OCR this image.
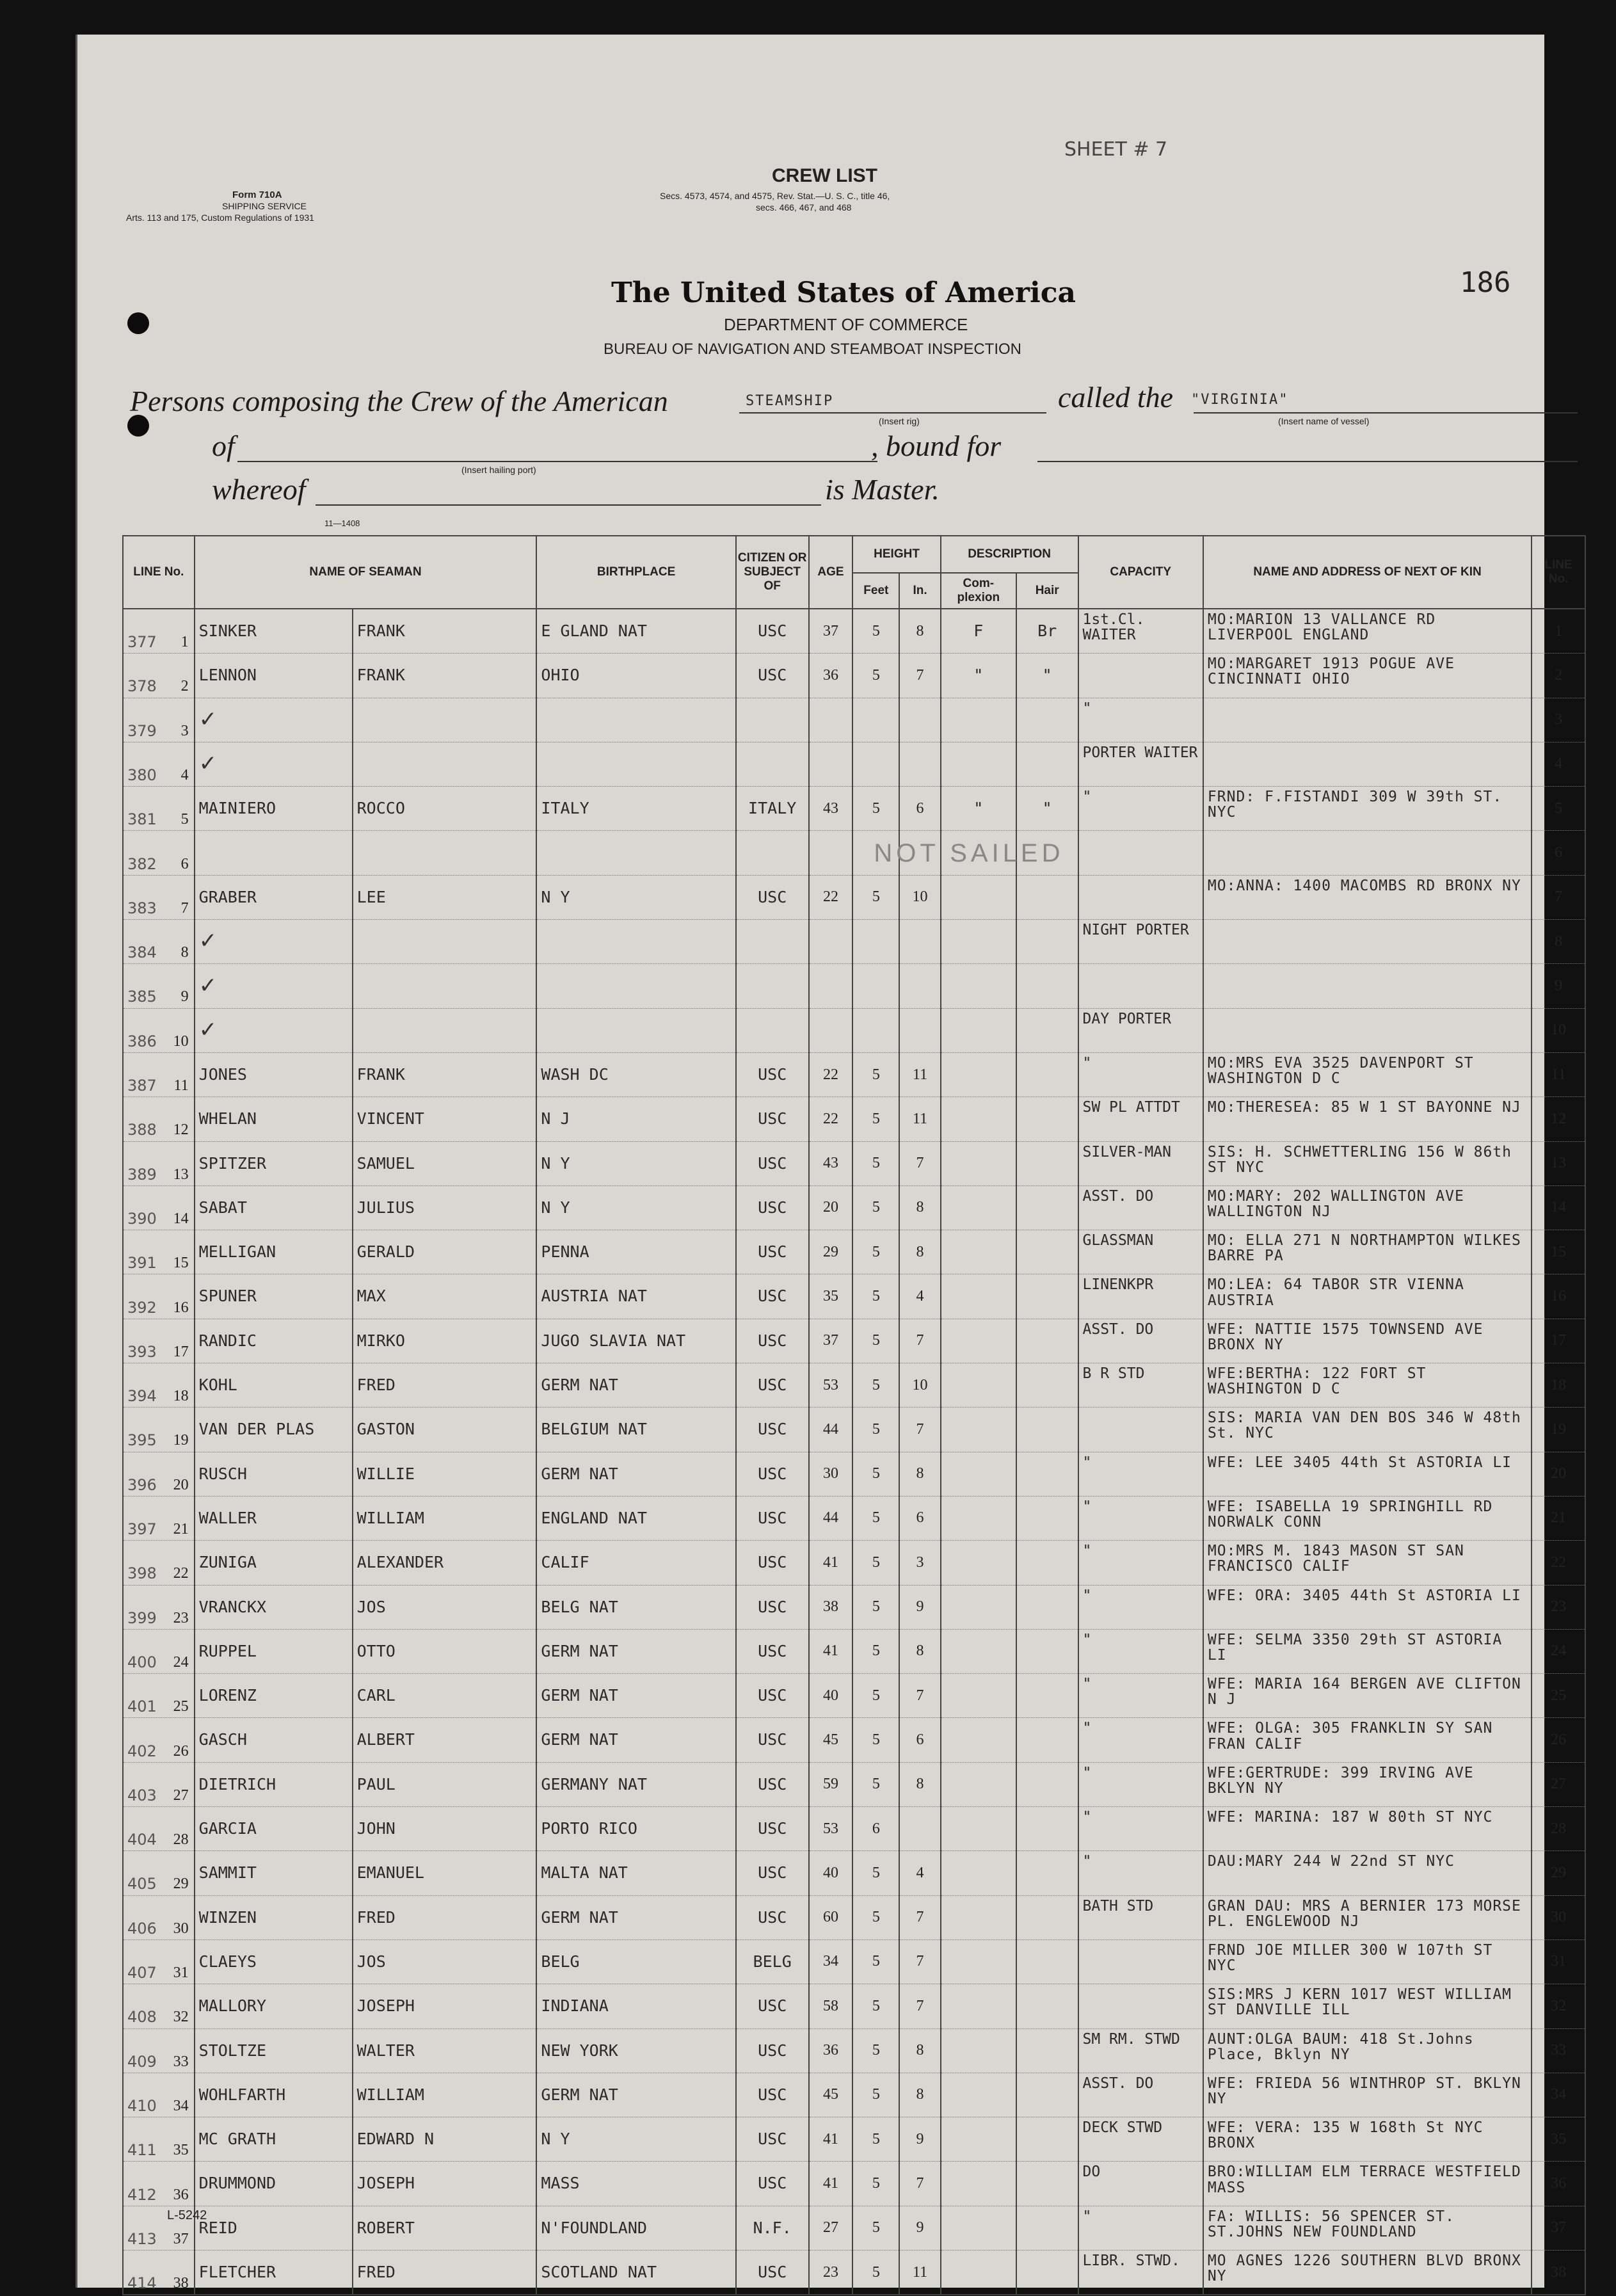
Form 710A
SHIPPING SERVICE
Arts. 113 and 175, Custom Regulations of 1931
CREW LIST
Secs. 4573, 4574, and 4575, Rev. Stat.—U. S. C., title 46,
secs. 466, 467, and 468
SHEET # 7
186
The United States of America
DEPARTMENT OF COMMERCE
BUREAU OF NAVIGATION AND STEAMBOAT INSPECTION
Persons composing the Crew of the American	STEAMSHIP
(Insert rig)
called the "VIRGINIA"
(Insert name of vessel)
of
(Insert hailing port)
, bound for
whereof	is Master.
11—1408
LINE No.	NAME OF SEAMAN		BIRTHPLACE	CITIZEN OR SUBJECT OF	AGE	HEIGHT		DESCRIPTION		CAPACITY	NAME AND ADDRESS OF NEXT OF KIN	LINE No.
						Feet	In.	Com-plexion	Hair			

377 1	SINKER	FRANK	E GLAND NAT	USC	37	5	8	F	Br	1st.Cl. WAITER	MO:MARION 13 VALLANCE RD LIVERPOOL ENGLAND	1

378 2	LENNON	FRANK	OHIO	USC	36	5	7	"	"		MO:MARGARET 1913 POGUE AVE CINCINNATI OHIO	2

379 3	✓									"		3

380 4	✓									PORTER WAITER		4

381 5	MAINIERO	ROCCO	ITALY	ITALY	43	5	6	"	"	"	FRND: F.FISTANDI 309 W 39th ST. NYC	5

382 6			NOT SAILED									6

383 7	GRABER	LEE	N Y	USC	22	5	10				MO:ANNA: 1400 MACOMBS RD BRONX NY	7

384 8	✓									NIGHT PORTER		8

385 9	✓											9

386 10	✓									DAY PORTER		10

387 11	JONES	FRANK	WASH DC	USC	22	5	11			"	MO:MRS EVA 3525 DAVENPORT ST WASHINGTON D C	11

388 12	WHELAN	VINCENT	N J	USC	22	5	11			SW PL ATTDT	MO:THERESEA: 85 W 1 ST BAYONNE NJ	12

389 13	SPITZER	SAMUEL	N Y	USC	43	5	7			SILVER-MAN	SIS: H. SCHWETTERLING 156 W 86th ST NYC	13

390 14	SABAT	JULIUS	N Y	USC	20	5	8			ASST. DO	MO:MARY: 202 WALLINGTON AVE WALLINGTON NJ	14

391 15	MELLIGAN	GERALD	PENNA	USC	29	5	8			GLASSMAN	MO: ELLA 271 N NORTHAMPTON WILKES BARRE PA	15

392 16	SPUNER	MAX	AUSTRIA NAT	USC	35	5	4			LINENKPR	MO:LEA: 64 TABOR STR VIENNA AUSTRIA	16

393 17	RANDIC	MIRKO	JUGO SLAVIA NAT	USC	37	5	7			ASST. DO	WFE: NATTIE 1575 TOWNSEND AVE BRONX NY	17

394 18	KOHL	FRED	GERM NAT	USC	53	5	10			B R STD	WFE:BERTHA: 122 FORT ST WASHINGTON D C	18

395 19	VAN DER PLAS	GASTON	BELGIUM NAT	USC	44	5	7				SIS: MARIA VAN DEN BOS 346 W 48th St. NYC	19

396 20	RUSCH	WILLIE	GERM NAT	USC	30	5	8			"	WFE: LEE 3405 44th St ASTORIA LI	20

397 21	WALLER	WILLIAM	ENGLAND NAT	USC	44	5	6			"	WFE: ISABELLA 19 SPRINGHILL RD NORWALK CONN	21

398 22	ZUNIGA	ALEXANDER	CALIF	USC	41	5	3			"	MO:MRS M. 1843 MASON ST SAN FRANCISCO CALIF	22

399 23	VRANCKX	JOS	BELG NAT	USC	38	5	9			"	WFE: ORA: 3405 44th St ASTORIA LI	23

400 24	RUPPEL	OTTO	GERM NAT	USC	41	5	8			"	WFE: SELMA 3350 29th ST ASTORIA LI	24

401 25	LORENZ	CARL	GERM NAT	USC	40	5	7			"	WFE: MARIA 164 BERGEN AVE CLIFTON N J	25

402 26	GASCH	ALBERT	GERM NAT	USC	45	5	6			"	WFE: OLGA: 305 FRANKLIN SY SAN FRAN CALIF	26

403 27	DIETRICH	PAUL	GERMANY NAT	USC	59	5	8			"	WFE:GERTRUDE: 399 IRVING AVE BKLYN NY	27

404 28	GARCIA	JOHN	PORTO RICO	USC	53	6				"	WFE: MARINA: 187 W 80th ST NYC	28

405 29	SAMMIT	EMANUEL	MALTA NAT	USC	40	5	4			"	DAU:MARY 244 W 22nd ST NYC	29

406 30	WINZEN	FRED	GERM NAT	USC	60	5	7			BATH STD	GRAN DAU: MRS A BERNIER 173 MORSE PL. ENGLEWOOD NJ	30

407 31	CLAEYS	JOS	BELG	BELG	34	5	7				FRND JOE MILLER 300 W 107th ST NYC	31

408 32	MALLORY	JOSEPH	INDIANA	USC	58	5	7				SIS:MRS J KERN 1017 WEST WILLIAM ST DANVILLE ILL	32

409 33	STOLTZE	WALTER	NEW YORK	USC	36	5	8			SM RM. STWD	AUNT:OLGA BAUM: 418 St.Johns Place, Bklyn NY	33

410 34	WOHLFARTH	WILLIAM	GERM NAT	USC	45	5	8			ASST. DO	WFE: FRIEDA 56 WINTHROP ST. BKLYN NY	34

411 35	MC GRATH	EDWARD N	N Y	USC	41	5	9			DECK STWD	WFE: VERA: 135 W 168th St NYC BRONX	35

412 36	DRUMMOND	JOSEPH	MASS	USC	41	5	7			DO	BRO:WILLIAM ELM TERRACE WESTFIELD MASS	36

413 37	REID	ROBERT	N'FOUNDLAND	N.F.	27	5	9			"	FA: WILLIS: 56 SPENCER ST. ST.JOHNS NEW FOUNDLAND	37

414 38	FLETCHER	FRED	SCOTLAND NAT	USC	23	5	11			LIBR. STWD.	MO AGNES 1226 SOUTHERN BLVD BRONX NY	38
L-5242
